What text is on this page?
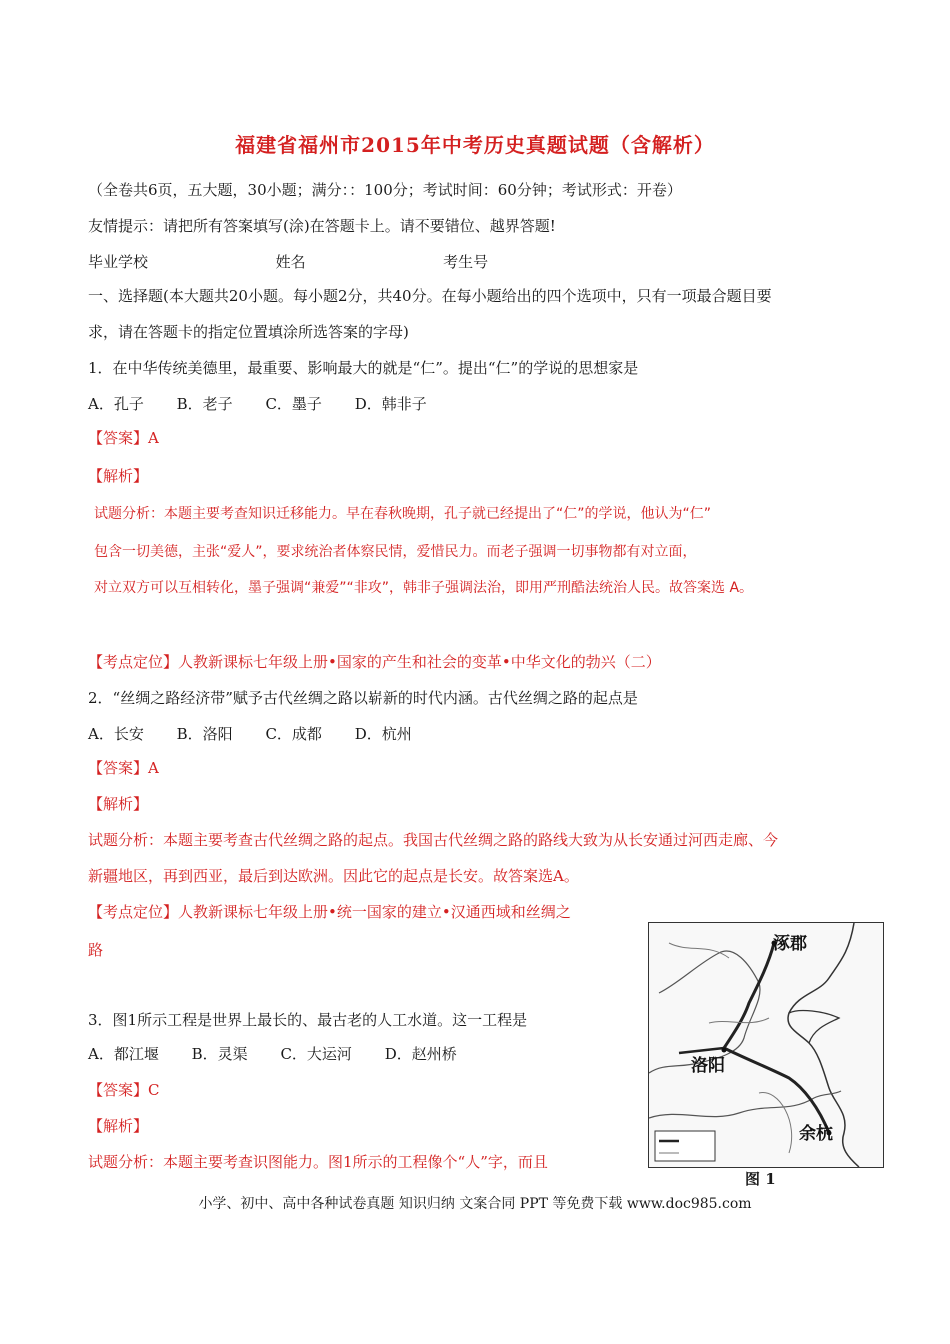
福建省福州市2015年中考历史真题试题（含解析）
（全卷共6页，五大题，30小题；满分：：100分；考试时间：60分钟；考试形式：开卷）
友情提示：请把所有答案填写(涂)在答题卡上。请不要错位、越界答题!
毕业学校	姓名	考生号
一、选择题(本大题共20小题。每小题2分，共40分。在每小题给出的四个选项中，只有一项最合题目要
求，请在答题卡的指定位置填涂所选答案的字母)
1．在中华传统美德里，最重要、影响最大的就是“仁”。提出“仁”的学说的思想家是
A．孔子 B．老子 C．墨子 D．韩非子
【答案】A
【解析】
试题分析：本题主要考查知识迁移能力。早在春秋晚期，孔子就已经提出了“仁”的学说，他认为“仁”
包含一切美德，主张“爱人”，要求统治者体察民情，爱惜民力。而老子强调一切事物都有对立面，
对立双方可以互相转化，墨子强调“兼爱”“非攻”，韩非子强调法治，即用严刑酷法统治人民。故答案选 A。
【考点定位】人教新课标七年级上册•国家的产生和社会的变革•中华文化的勃兴（二）
2．“丝绸之路经济带”赋予古代丝绸之路以崭新的时代内涵。古代丝绸之路的起点是
A．长安 B．洛阳 C．成都 D．杭州
【答案】A
【解析】
试题分析：本题主要考查古代丝绸之路的起点。我国古代丝绸之路的路线大致为从长安通过河西走廊、今
新疆地区，再到西亚，最后到达欧洲。因此它的起点是长安。故答案选A。
【考点定位】人教新课标七年级上册•统一国家的建立•汉通西域和丝绸之
路
3．图1所示工程是世界上最长的、最古老的人工水道。这一工程是
A．都江堰 B．灵渠 C．大运河 D．赵州桥
【答案】C
【解析】
试题分析：本题主要考查识图能力。图1所示的工程像个“人”字，而且
涿郡
洛阳
余杭
图 1
小学、初中、高中各种试卷真题 知识归纳 文案合同 PPT 等免费下载 www.doc985.com
